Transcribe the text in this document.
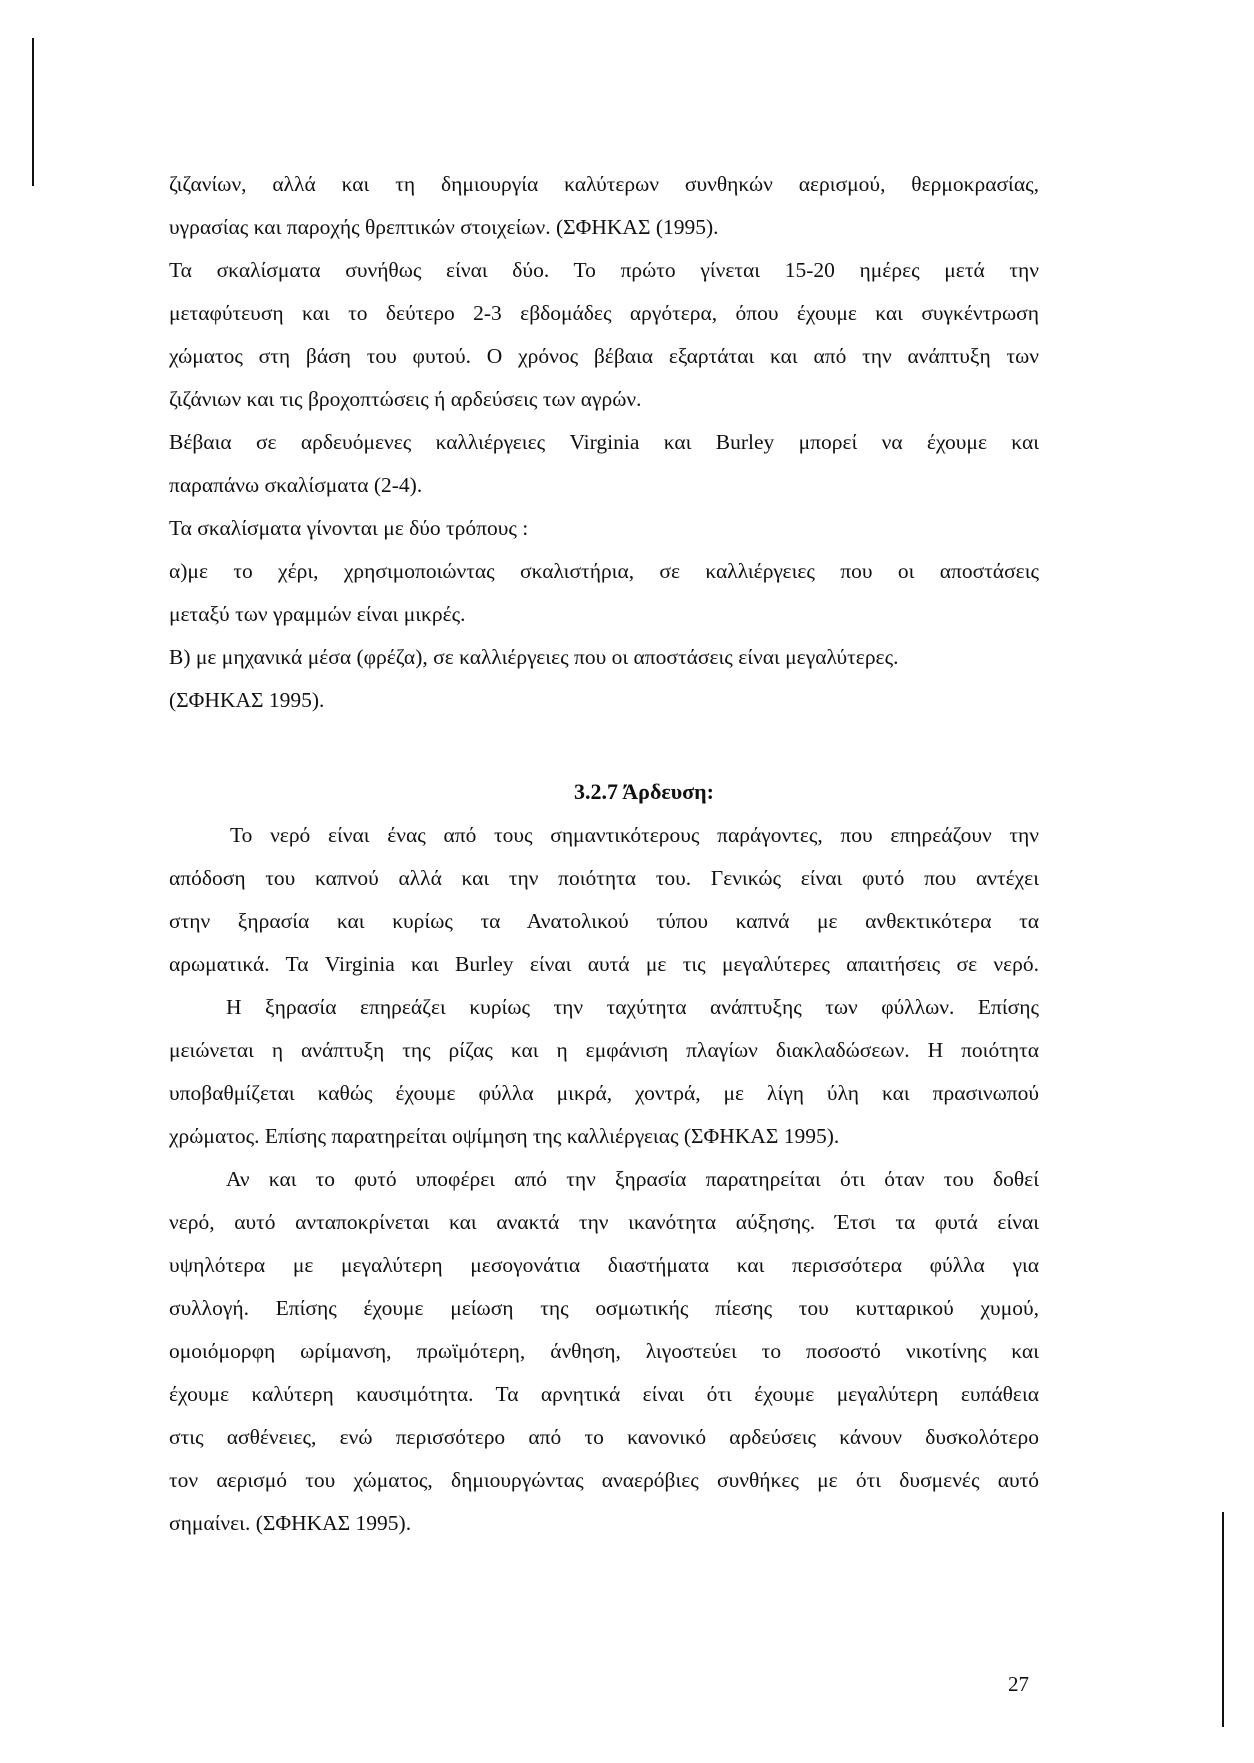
ζιζανίων, αλλά και τη δημιουργία καλύτερων συνθηκών αερισμού, θερμοκρασίας,

υγρασίας και παροχής θρεπτικών στοιχείων. (ΣΦΗΚΑΣ (1995).

Τα σκαλίσματα συνήθως είναι δύο. Το πρώτο γίνεται 15-20 ημέρες μετά την

μεταφύτευση και το δεύτερο 2-3 εβδομάδες αργότερα, όπου έχουμε και συγκέντρωση

χώματος στη βάση του φυτού. Ο χρόνος βέβαια εξαρτάται και από την ανάπτυξη των

ζιζάνιων και τις βροχοπτώσεις ή αρδεύσεις των αγρών.

Βέβαια σε αρδευόμενες καλλιέργειες Virginia και Burley μπορεί να έχουμε και

παραπάνω σκαλίσματα (2-4).

Τα σκαλίσματα γίνονται με δύο τρόπους :

α)με το χέρι, χρησιμοποιώντας σκαλιστήρια, σε καλλιέργειες που οι αποστάσεις

μεταξύ των γραμμών είναι μικρές.

Β) με μηχανικά μέσα (φρέζα), σε καλλιέργειες που οι αποστάσεις είναι μεγαλύτερες.

(ΣΦΗΚΑΣ 1995).

3.2.7 Άρδευση:

Το νερό είναι ένας από τους σημαντικότερους παράγοντες, που επηρεάζουν την

απόδοση του καπνού αλλά και την ποιότητα του. Γενικώς είναι φυτό που αντέχει

στην ξηρασία και κυρίως τα Ανατολικού τύπου καπνά με ανθεκτικότερα τα

αρωματικά. Τα Virginia και Burley είναι αυτά με τις μεγαλύτερες απαιτήσεις σε νερό.

Η ξηρασία επηρεάζει κυρίως την ταχύτητα ανάπτυξης των φύλλων. Επίσης

μειώνεται η ανάπτυξη της ρίζας και η εμφάνιση πλαγίων διακλαδώσεων. Η ποιότητα

υποβαθμίζεται καθώς έχουμε φύλλα μικρά, χοντρά, με λίγη ύλη και πρασινωπού

χρώματος. Επίσης παρατηρείται οψίμηση της καλλιέργειας (ΣΦΗΚΑΣ 1995).

Αν και το φυτό υποφέρει από την ξηρασία παρατηρείται ότι όταν του δοθεί

νερό, αυτό ανταποκρίνεται και ανακτά την ικανότητα αύξησης. Έτσι τα φυτά είναι

υψηλότερα με μεγαλύτερη μεσογονάτια διαστήματα και περισσότερα φύλλα για

συλλογή. Επίσης έχουμε μείωση της οσμωτικής πίεσης του κυτταρικού χυμού,

ομοιόμορφη ωρίμανση, πρωϊμότερη, άνθηση, λιγοστεύει το ποσοστό νικοτίνης και

έχουμε καλύτερη καυσιμότητα. Τα αρνητικά είναι ότι έχουμε μεγαλύτερη ευπάθεια

στις ασθένειες, ενώ περισσότερο από το κανονικό αρδεύσεις κάνουν δυσκολότερο

τον αερισμό του χώματος, δημιουργώντας αναερόβιες συνθήκες με ότι δυσμενές αυτό

σημαίνει. (ΣΦΗΚΑΣ 1995).

27
